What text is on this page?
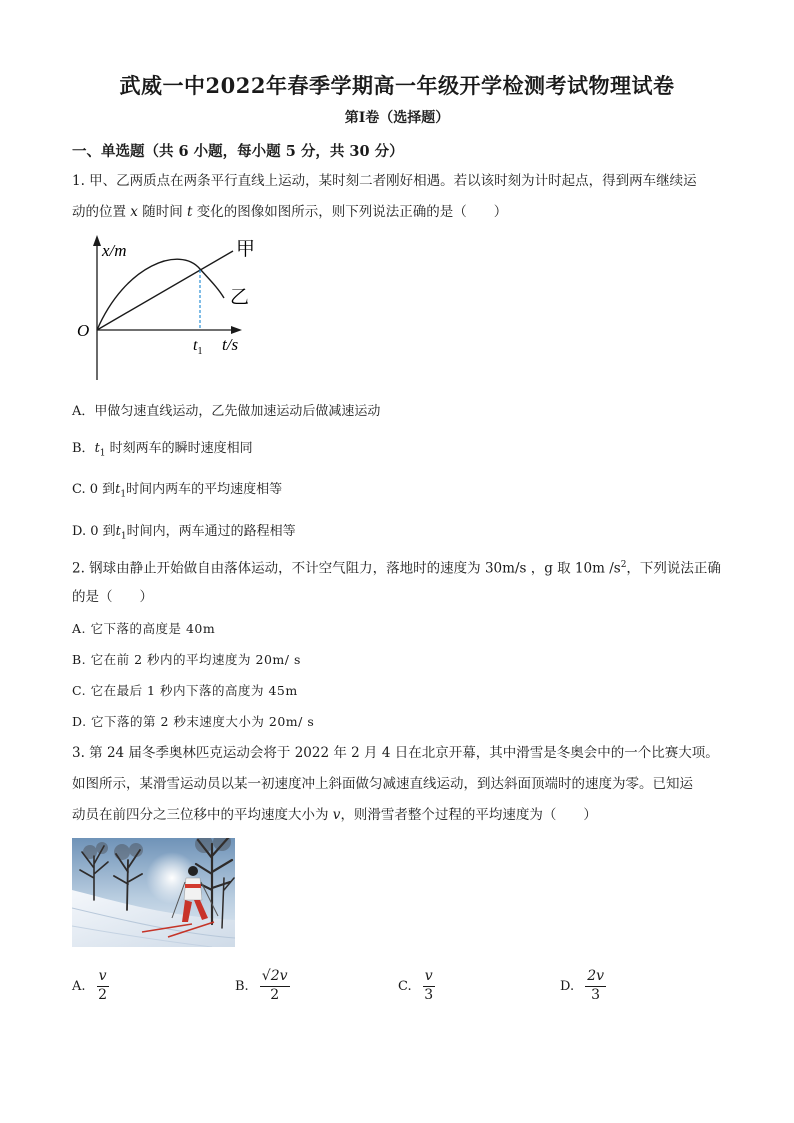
武威一中2022年春季学期高一年级开学检测考试物理试卷
第Ⅰ卷（选择题）
一、单选题（共 6 小题，每小题 5 分，共 30 分）
1. 甲、乙两质点在两条平行直线上运动，某时刻二者刚好相遇。若以该时刻为计时起点，得到两车继续运
动的位置 x 随时间 t 变化的图像如图所示，则下列说法正确的是（　　）
x/m
O
$t_1$ t/s
甲
乙
A．甲做匀速直线运动，乙先做加速运动后做减速运动
B．$t_1$ 时刻两车的瞬时速度相同
C. 0 到$t_1$时间内两车的平均速度相等
D. 0 到$t_1$时间内，两车通过的路程相等
2. 钢球由静止开始做自由落体运动，不计空气阻力，落地时的速度为 30m/s ，g 取 10m $/s^2$，下列说法正确
的是（　　）
A. 它下落的高度是 40m
B. 它在前 2 秒内的平均速度为 20m/ s
C. 它在最后 1 秒内下落的高度为 45m
D. 它下落的第 2 秒末速度大小为 20m/ s
3. 第 24 届冬季奥林匹克运动会将于 2022 年 2 月 4 日在北京开幕，其中滑雪是冬奥会中的一个比赛大项。
如图所示，某滑雪运动员以某一初速度冲上斜面做匀减速直线运动，到达斜面顶端时的速度为零。已知运
动员在前四分之三位移中的平均速度大小为 v，则滑雪者整个过程的平均速度为（　　）
A. $\frac{v}{2}$	B. $\frac{√2v}{2}$	C. $\frac{v}{3}$	D. $\frac{2v}{3}$
